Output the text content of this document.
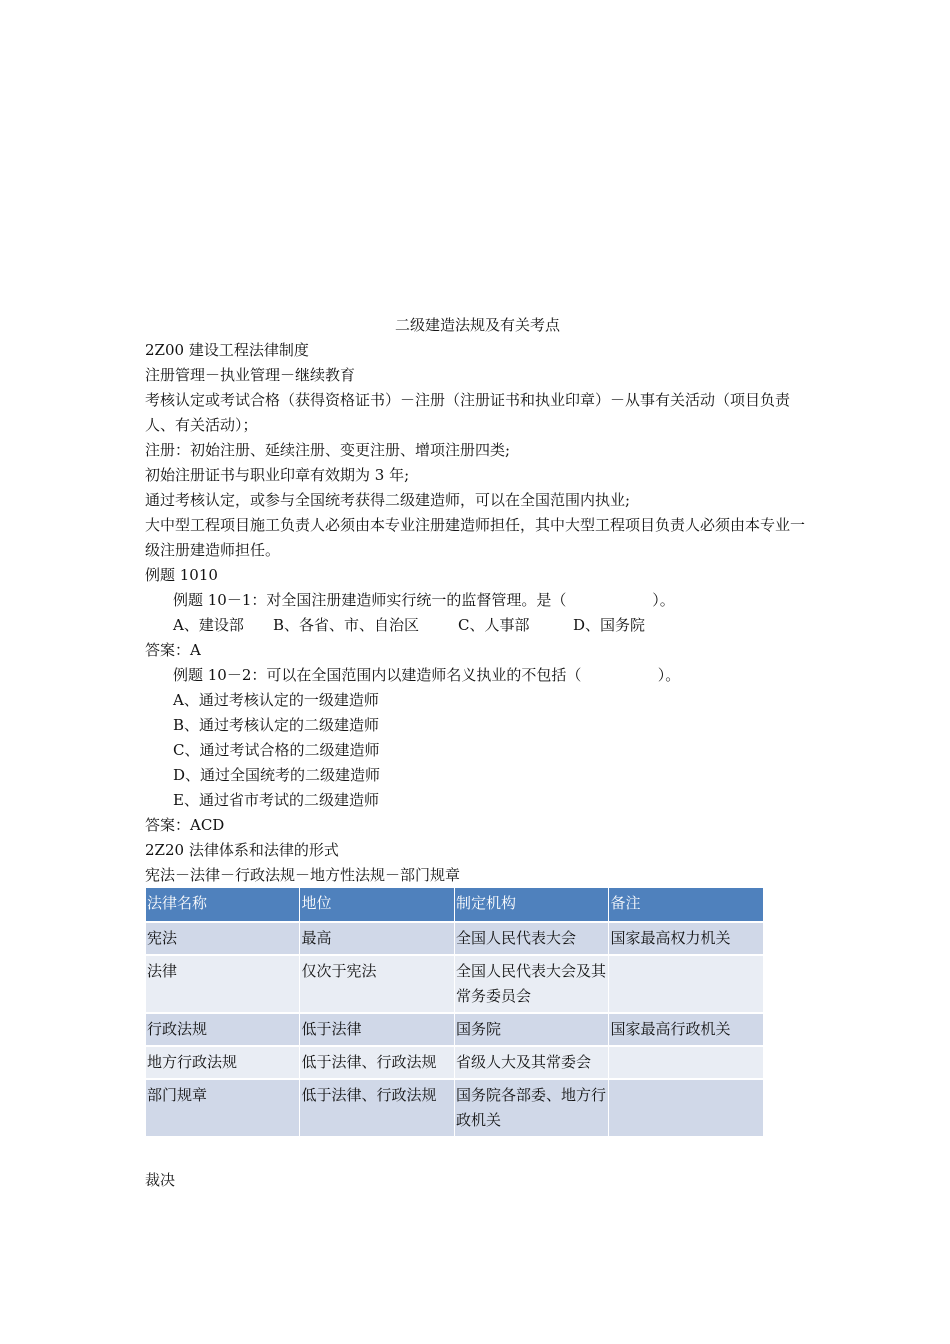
二级建造法规及有关考点
2Z00 建设工程法律制度
注册管理－执业管理－继续教育
考核认定或考试合格（获得资格证书）－注册（注册证书和执业印章）－从事有关活动（项目负责人、有关活动）；
注册：初始注册、延续注册、变更注册、增项注册四类;
初始注册证书与职业印章有效期为 3 年;
通过考核认定，或参与全国统考获得二级建造师，可以在全国范围内执业;
大中型工程项目施工负责人必须由本专业注册建造师担任，其中大型工程项目负责人必须由本专业一级注册建造师担任。
例题 1010
例题 10－1：对全国注册建造师实行统一的监督管理。是（                  ）。
A、建设部 B、各省、市、自治区	C、人事部	D、国务院
答案：A
例题 10－2：可以在全国范围内以建造师名义执业的不包括（                ）。
A、通过考核认定的一级建造师
B、通过考核认定的二级建造师
C、通过考试合格的二级建造师
D、通过全国统考的二级建造师
E、通过省市考试的二级建造师
答案：ACD
2Z20 法律体系和法律的形式
宪法－法律－行政法规－地方性法规－部门规章
法律名称	地位	制定机构	备注
宪法	最高	全国人民代表大会	国家最高权力机关
法律	仅次于宪法	全国人民代表大会及其常务委员会	
行政法规	低于法律	国务院	国家最高行政机关
地方行政法规	低于法律、行政法规	省级人大及其常委会	
部门规章	低于法律、行政法规	国务院各部委、地方行政机关	
裁决
